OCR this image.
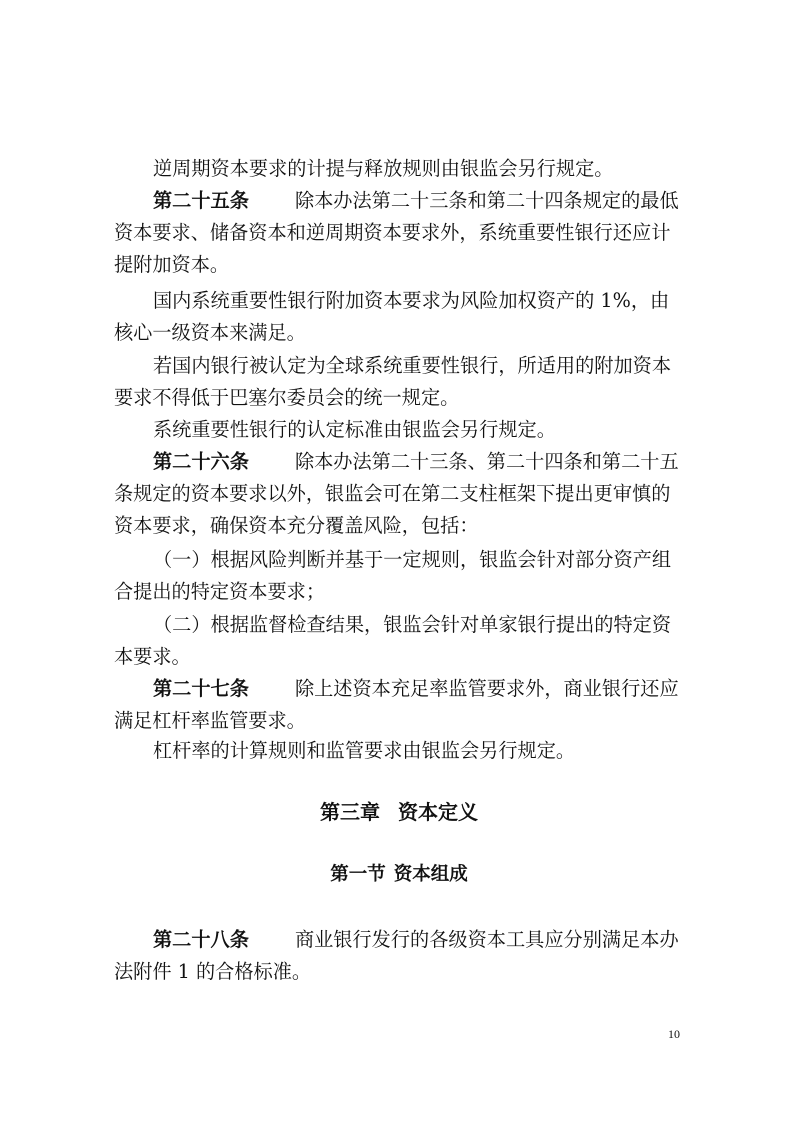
逆周期资本要求的计提与释放规则由银监会另行规定。

第二十五条 除本办法第二十三条和第二十四条规定的最低资本要求、储备资本和逆周期资本要求外，系统重要性银行还应计提附加资本。

国内系统重要性银行附加资本要求为风险加权资产的 1%，由核心一级资本来满足。

若国内银行被认定为全球系统重要性银行，所适用的附加资本要求不得低于巴塞尔委员会的统一规定。

系统重要性银行的认定标准由银监会另行规定。

第二十六条 除本办法第二十三条、第二十四条和第二十五条规定的资本要求以外，银监会可在第二支柱框架下提出更审慎的资本要求，确保资本充分覆盖风险，包括：

（一）根据风险判断并基于一定规则，银监会针对部分资产组合提出的特定资本要求；

（二）根据监督检查结果，银监会针对单家银行提出的特定资本要求。

第二十七条 除上述资本充足率监管要求外，商业银行还应满足杠杆率监管要求。

杠杆率的计算规则和监管要求由银监会另行规定。

第三章 资本定义
第一节 资本组成

第二十八条 商业银行发行的各级资本工具应分别满足本办法附件 1 的合格标准。

10
